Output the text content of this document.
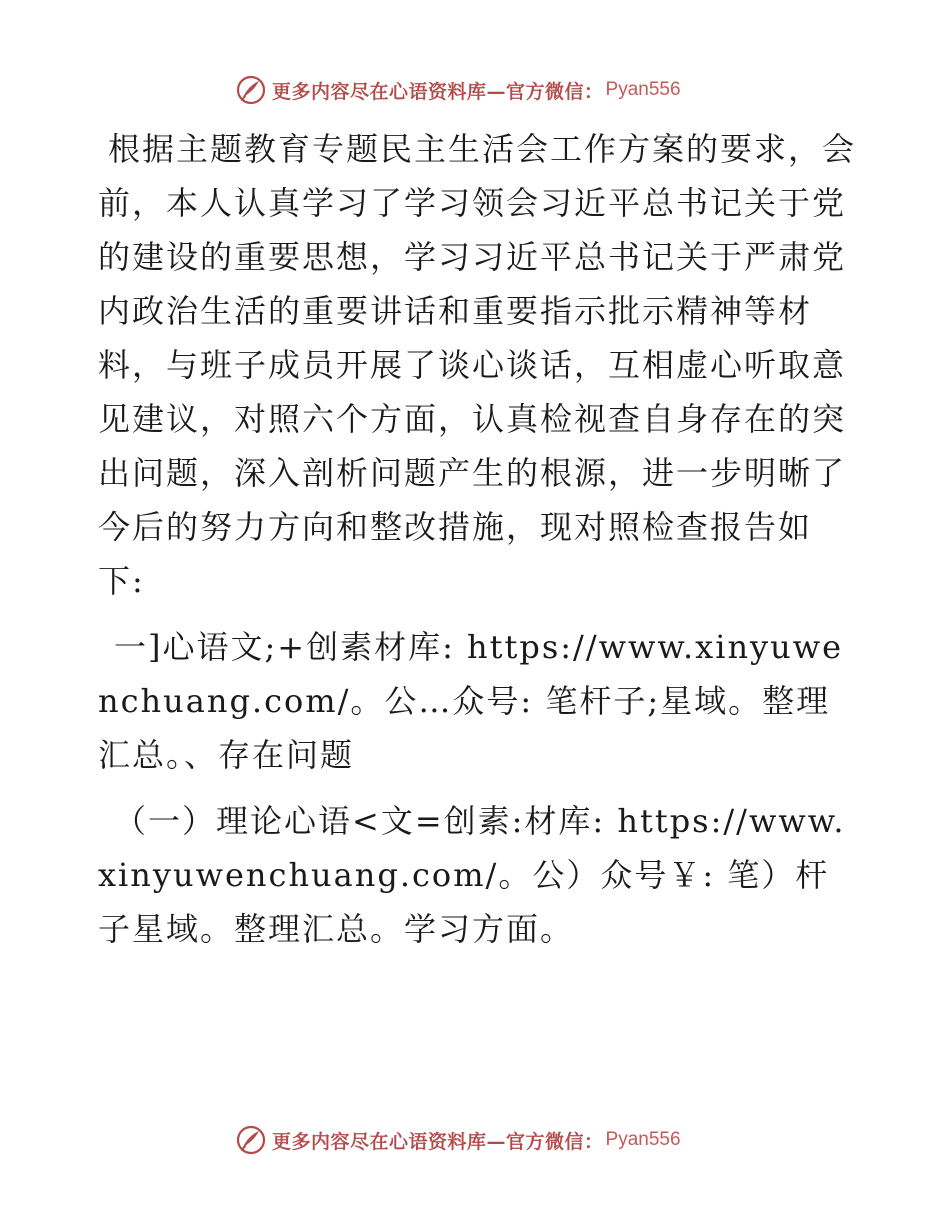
更多内容尽在心语资料库—官方微信： Pyan556

根据主题教育专题民主生活会工作方案的要求，会前，本人认真学习了学习领会习近平总书记关于党的建设的重要思想，学习习近平总书记关于严肃党内政治生活的重要讲话和重要指示批示精神等材料，与班子成员开展了谈心谈话，互相虚心听取意见建议，对照六个方面，认真检视查自身存在的突出问题，深入剖析问题产生的根源，进一步明晰了今后的努力方向和整改措施，现对照检查报告如下:

一]心语文;+创素材库: https://www.xinyuwenchuang.com/。公…众号: 笔杆子;星域。整理汇总。、存在问题

（一）理论心语<文=创素:材库: https://www.xinyuwenchuang.com/。公）众号￥: 笔）杆子星域。整理汇总。学习方面。

更多内容尽在心语资料库—官方微信： Pyan556
